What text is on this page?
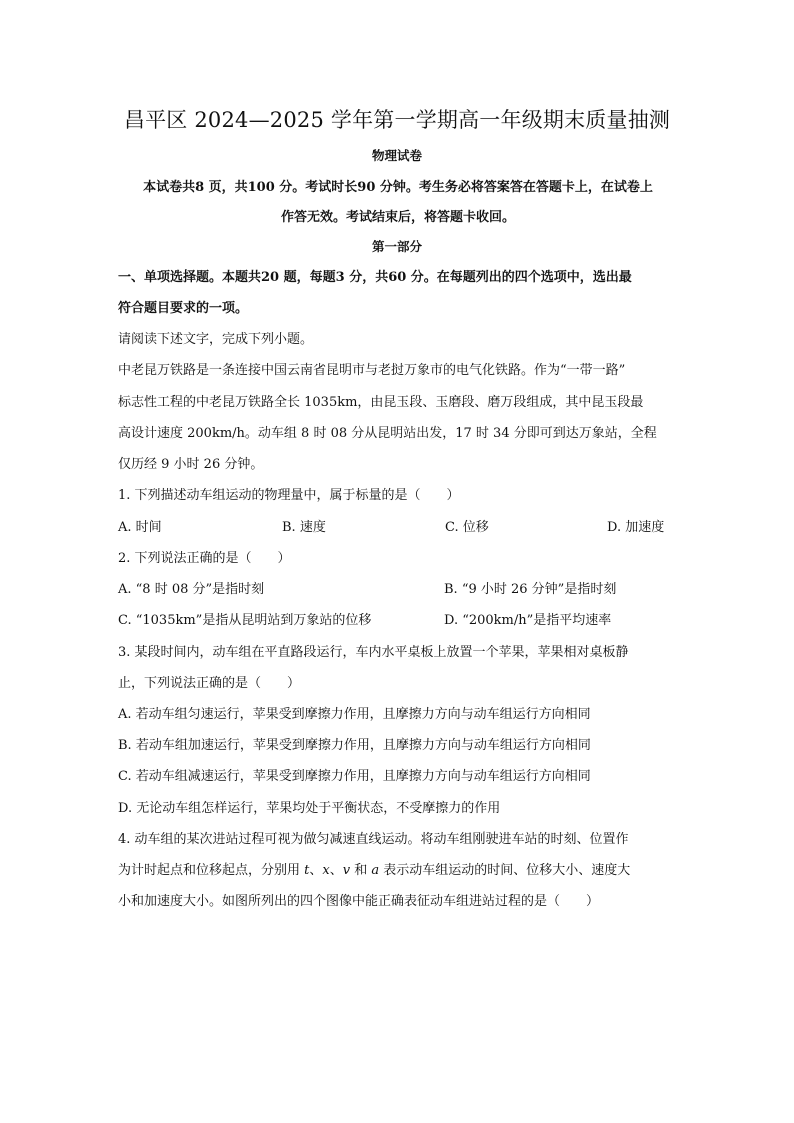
昌平区 2024—2025 学年第一学期高一年级期末质量抽测
物理试卷
本试卷共8 页，共100 分。考试时长90 分钟。考生务必将答案答在答题卡上，在试卷上
作答无效。考试结束后，将答题卡收回。
第一部分
一、单项选择题。本题共20 题，每题3 分，共60 分。在每题列出的四个选项中，选出最
符合题目要求的一项。
请阅读下述文字，完成下列小题。
中老昆万铁路是一条连接中国云南省昆明市与老挝万象市的电气化铁路。作为“一带一路”
标志性工程的中老昆万铁路全长 1035km，由昆玉段、玉磨段、磨万段组成，其中昆玉段最
高设计速度 200km/h。动车组 8 时 08 分从昆明站出发，17 时 34 分即可到达万象站，全程
仅历经 9 小时 26 分钟。
1. 下列描述动车组运动的物理量中，属于标量的是（　　）
A. 时间	B. 速度	C. 位移	D. 加速度
2. 下列说法正确的是（　　）
A. “8 时 08 分”是指时刻	B. “9 小时 26 分钟”是指时刻
C. “1035km”是指从昆明站到万象站的位移	D. “200km/h”是指平均速率
3. 某段时间内，动车组在平直路段运行，车内水平桌板上放置一个苹果，苹果相对桌板静
止，下列说法正确的是（　　）
A. 若动车组匀速运行，苹果受到摩擦力作用，且摩擦力方向与动车组运行方向相同
B. 若动车组加速运行，苹果受到摩擦力作用，且摩擦力方向与动车组运行方向相同
C. 若动车组减速运行，苹果受到摩擦力作用，且摩擦力方向与动车组运行方向相同
D. 无论动车组怎样运行，苹果均处于平衡状态，不受摩擦力的作用
4. 动车组的某次进站过程可视为做匀减速直线运动。将动车组刚驶进车站的时刻、位置作
为计时起点和位移起点，分别用 t、x、v 和 a 表示动车组运动的时间、位移大小、速度大
小和加速度大小。如图所列出的四个图像中能正确表征动车组进站过程的是（　　）
